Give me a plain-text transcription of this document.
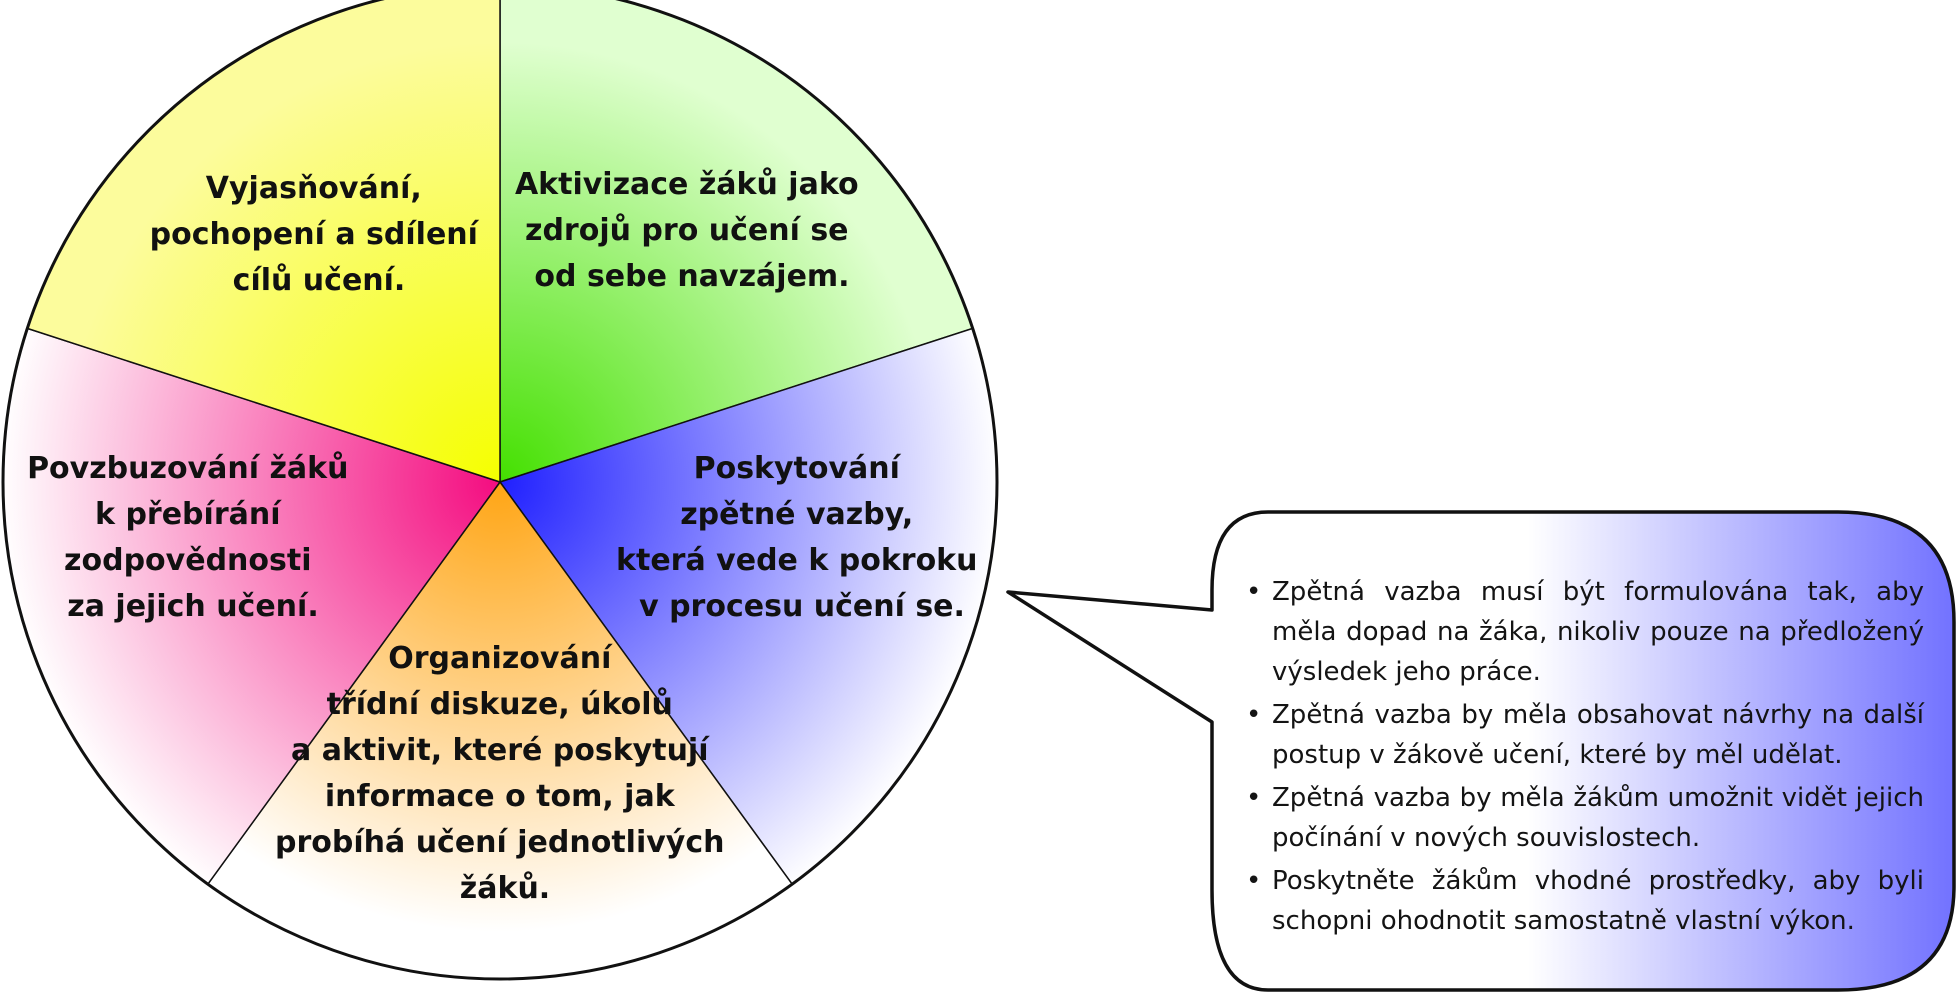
Aktivizace žáků jako zdrojů pro učení se od sebe navzájem.
Poskytování zpětné vazby, která vede k pokroku v procesu učení se.
Organizování třídní diskuze, úkolů a aktivit, které poskytují informace o tom, jak probíhá učení jednotlivých žáků.
Povzbuzování žáků k přebírání zodpovědnosti za jejich učení.
Vyjasňování, pochopení a sdílení cílů učení.
• Zpětná vazba musí být formulována tak, aby měla dopad na žáka, nikoliv pouze na předložený výsledek jeho práce.
• Zpětná vazba by měla obsahovat návrhy na další postup v žákově učení, které by měl udělat.
• Zpětná vazba by měla žákům umožnit vidět jejich počínání v nových souvislostech.
• Poskytněte žákům vhodné prostředky, aby byli schopni ohodnotit samostatně vlastní výkon.
